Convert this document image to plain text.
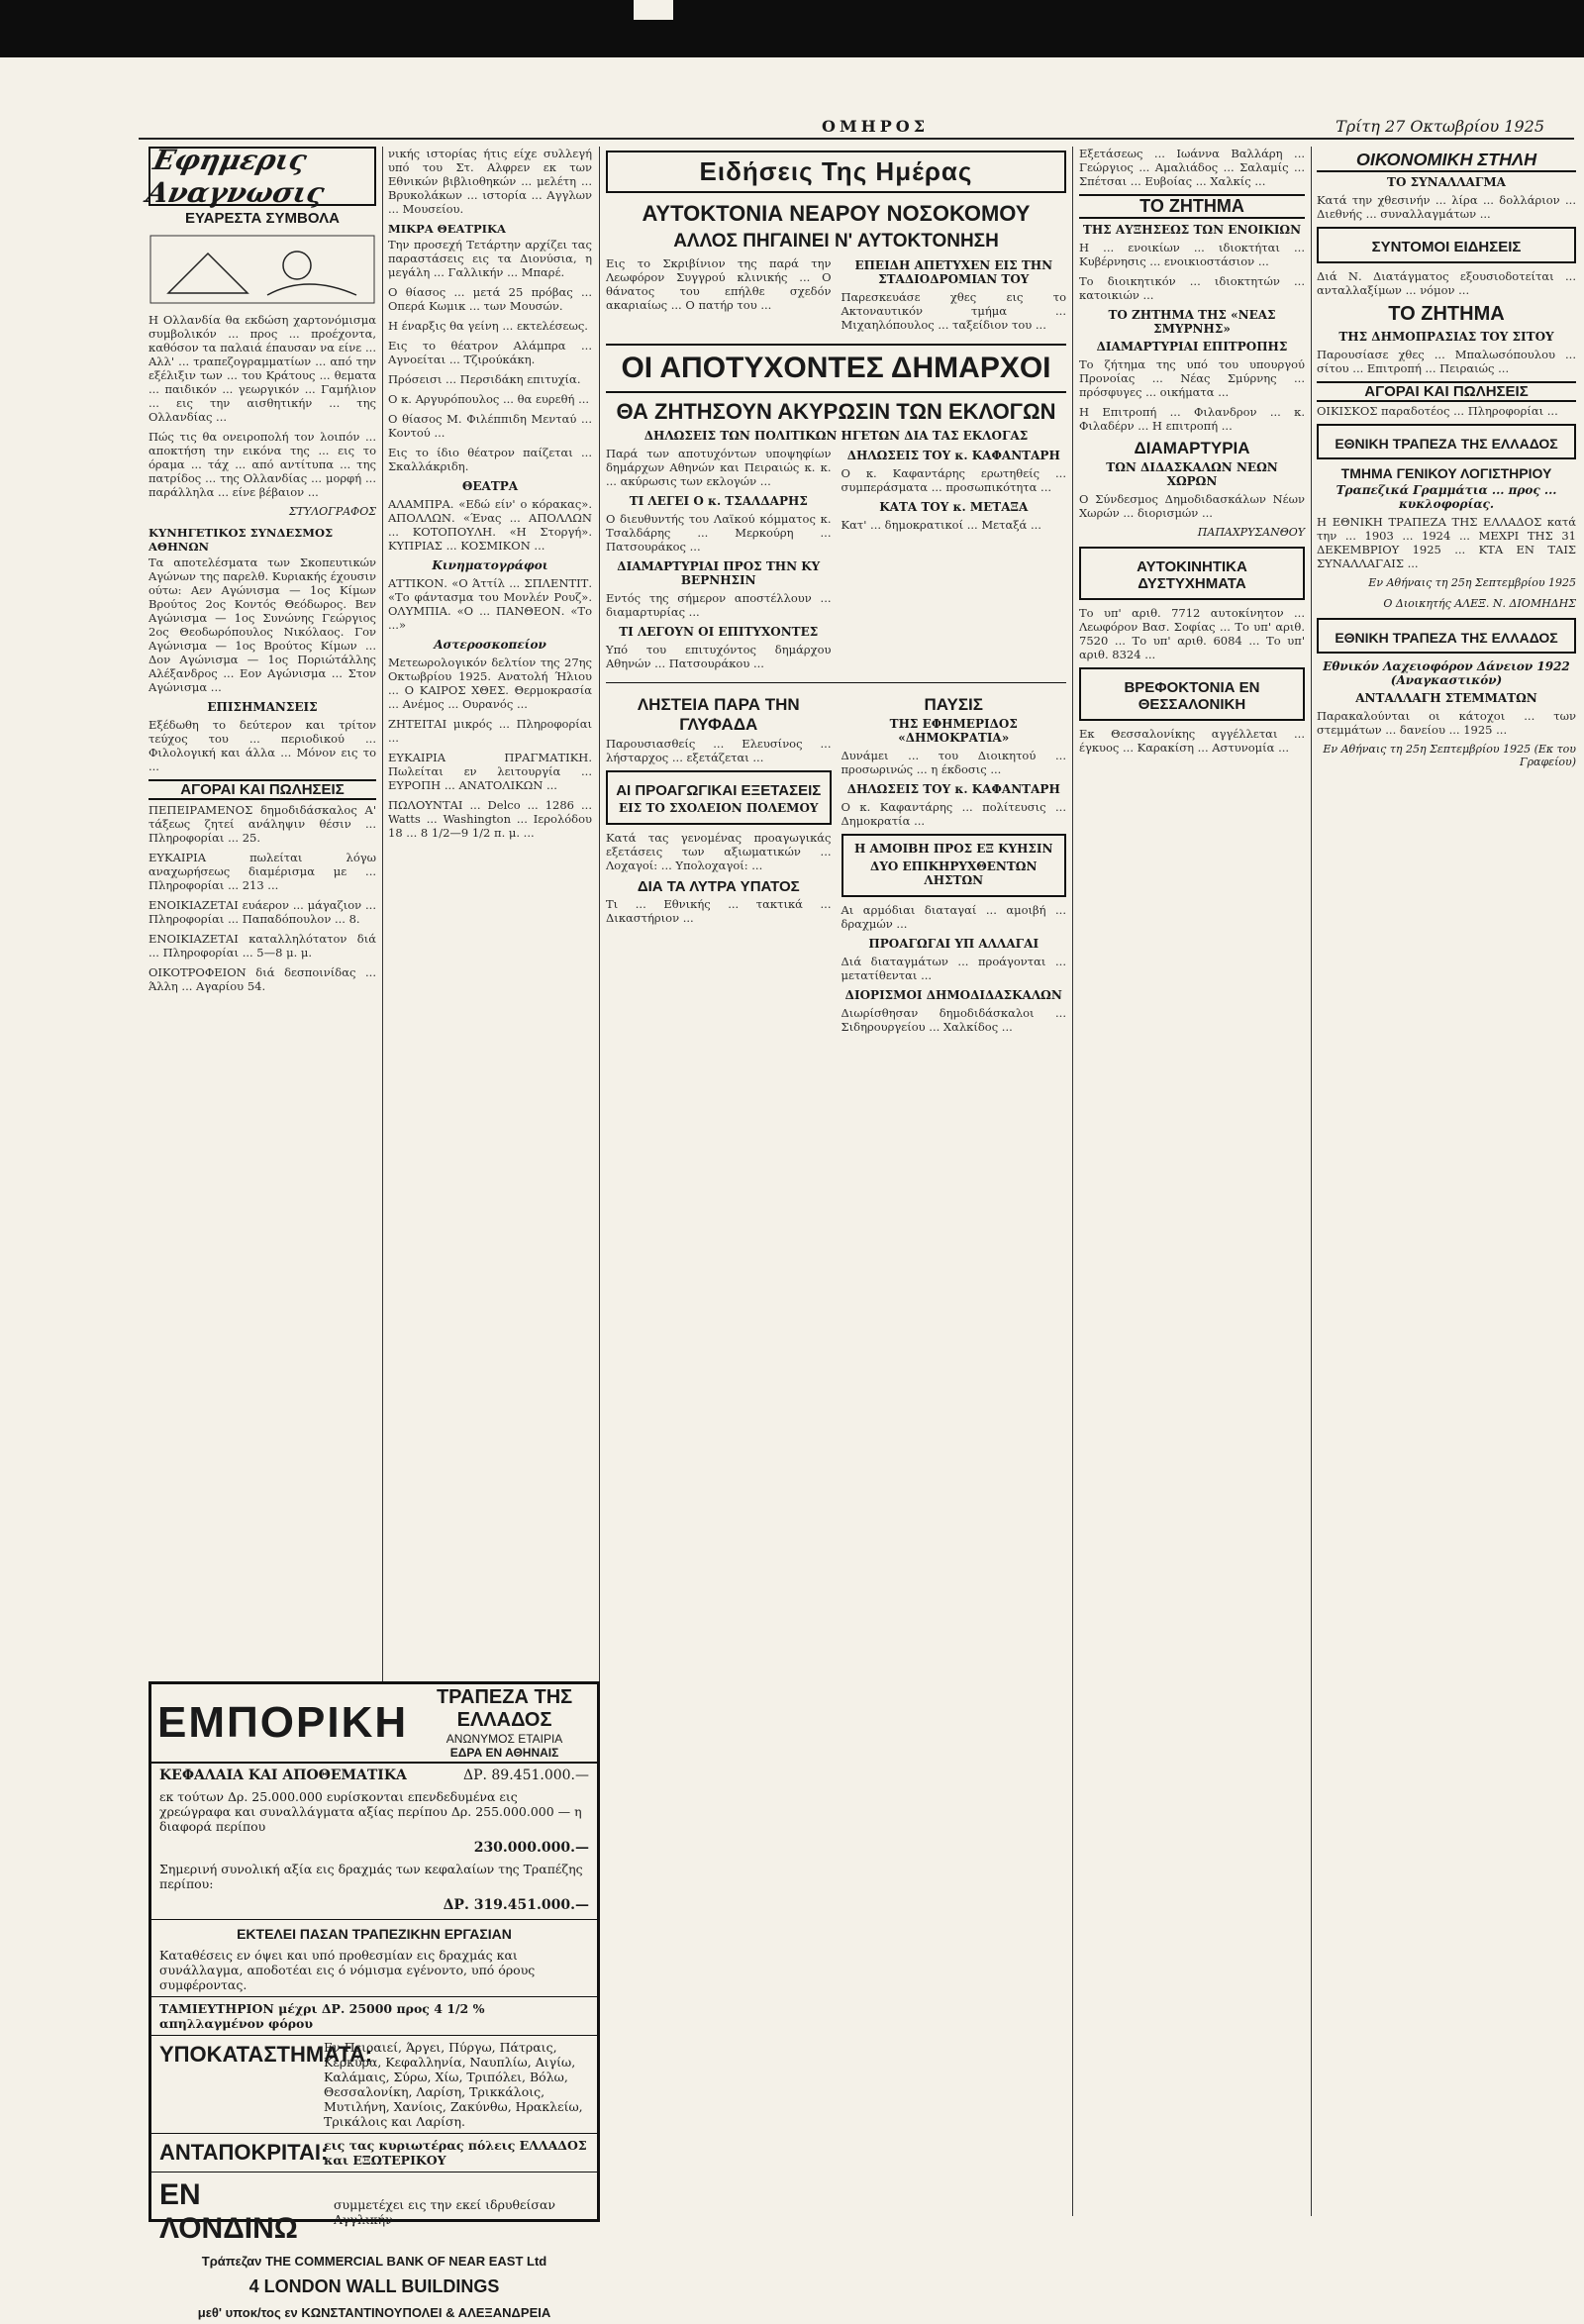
ΟΜΗΡΟΣ	Τρίτη 27 Οκτωβρίου 1925
Εφημερις Αναγνωσις
ΕΥΑΡΕΣΤΑ ΣΥΜΒΟΛΑ

Η Ολλανδία θα εκδώση χαρτονόμισμα συμβολικόν ... προς ... προέχοντα, καθόσον τα παλαιά έπαυσαν να είνε ... Αλλ' ... τραπεζογραμματίων ... από την εξέλιξιν των ... του Κράτους ... θεματα ... παιδικόν ... γεωργικόν ... Γαμήλιον ... εις την αισθητικήν ... της Ολλανδίας ...

Πώς τις θα ονειροπολή τον λοιπόν ... αποκτήση την εικόνα της ... εις το όραμα ... τάχ ... από αντίτυπα ... της πατρίδος ... της Ολλανδίας ... μορφή ... παράλληλα ... είνε βέβαιον ...

ΣΤΥΛΟΓΡΑΦΟΣ
ΚΥΝΗΓΕΤΙΚΟΣ ΣΥΝΔΕΣΜΟΣ ΑΘΗΝΩΝ

Τα αποτελέσματα των Σκοπευτικών Αγώνων της παρελθ. Κυριακής έχουσιν ούτω: Αεν Αγώνισμα — 1ος Κίμων Βρούτος 2ος Κοντός Θεόδωρος. Βεν Αγώνισμα — 1ος Συνώνης Γεώργιος 2ος Θεοδωρόπουλος Νικόλαος. Γον Αγώνισμα — 1ος Βρούτος Κίμων ... Δον Αγώνισμα — 1ος Ποριώτάλλης Αλέξανδρος ... Εον Αγώνισμα ... Στον Αγώνισμα ...

ΕΠΙΣΗΜΑΝΣΕΙΣ

Εξέδωθη το δεύτερον και τρίτον τεύχος του ... περιοδικού ... Φιλολογική και άλλα ... Μόνον εις το ...

ΑΓΟΡΑΙ ΚΑΙ ΠΩΛΗΣΕΙΣ

ΠΕΠΕΙΡΑΜΕΝΟΣ δημοδιδάσκαλος Α' τάξεως ζητεί ανάληψιν θέσιν ... Πληροφορίαι ... 25.

ΕΥΚΑΙΡΙΑ πωλείται λόγω αναχωρήσεως διαμέρισμα με ... Πληροφορίαι ... 213 ...

ΕΝΟΙΚΙΑΖΕΤΑΙ ευάερον ... μάγαζιον ... Πληροφορίαι ... Παπαδόπουλον ... 8.

ΕΝΟΙΚΙΑΖΕΤΑΙ καταλληλότατον διά ... Πληροφορίαι ... 5—8 μ. μ.

ΟΙΚΟΤΡΟΦΕΙΟΝ διά δεσποινίδας ... Άλλη ... Αγαρίου 54.

νικής ιστορίας ήτις είχε συλλεγή υπό του Στ. Αλφρεν εκ των Εθνικών βιβλιοθηκών ... μελέτη ... Βρυκολάκων ... ιστορία ... Αγγλων ... Μουσείου.

ΜΙΚΡΑ ΘΕΑΤΡΙΚΑ

Την προσεχή Τετάρτην αρχίζει τας παραστάσεις εις τα Διονύσια, η μεγάλη ... Γαλλικήν ... Μπαρέ.

Ο θίασος ... μετά 25 πρόβας ... Οπερά Κωμικ ... των Μουσών.

Η έναρξις θα γείνη ... εκτελέσεως.

Εις το θέατρον Αλάμπρα ... Αγνοείται ... Τζιρούκάκη.

Πρόσεισι ... Περσιδάκη επιτυχία.

Ο κ. Αργυρόπουλος ... θα ευρεθή ...

Ο θίασος Μ. Φιλέππιδη Μενταύ ... Κοντού ...

Εις το ίδιο θέατρον παίζεται ... Σκαλλάκριδη.

ΘΕΑΤΡΑ

ΑΛΑΜΠΡΑ. «Εδώ είν' ο κόρακας». ΑΠΟΛΛΩΝ. «Ένας ... ΑΠΟΛΛΩΝ ... ΚΟΤΟΠΟΥΛΗ. «Η Στοργή». ΚΥΠΡΙΑΣ ... ΚΟΣΜΙΚΟΝ ...

Κινηματογράφοι

ΑΤΤΙΚΟΝ. «Ο Άττίλ ... ΣΠΛΕΝΤΙΤ. «Το φάντασμα του Μονλέν Ρουζ». ΟΛΥΜΠΙΑ. «Ο ... ΠΑΝΘΕΟΝ. «Το ...»

Αστεροσκοπείον

Μετεωρολογικόν δελτίον της 27ης Οκτωβρίου 1925. Ανατολή Ήλιου ... Ο ΚΑΙΡΟΣ ΧΘΕΣ. Θερμοκρασία ... Ανέμος ... Ουρανός ...

ΖΗΤΕΙΤΑΙ μικρός ... Πληροφορίαι ...

ΕΥΚΑΙΡΙΑ ΠΡΑΓΜΑΤΙΚΗ. Πωλείται εν λειτουργία ... ΕΥΡΟΠΗ ... ΑΝΑΤΟΛΙΚΩΝ ...

ΠΩΛΟΥΝΤΑΙ ... Delco ... 1286 ... Watts ... Washington ... Ιερολόδου 18 ... 8 1/2—9 1/2 π. μ. ...

Ειδήσεις Της Ημέρας
ΑΥΤΟΚΤΟΝΙΑ ΝΕΑΡΟΥ ΝΟΣΟΚΟΜΟΥ
ΑΛΛΟΣ ΠΗΓΑΙΝΕΙ Ν' ΑΥΤΟΚΤΟΝΗΣΗ

Εις το Σκριβίνιον της παρά την Λεωφόρον Συγγρού κλινικής ... Ο θάνατος του επήλθε σχεδόν ακαριαίως ... Ο πατήρ του ...

ΕΠΕΙΔΗ ΑΠΕΤΥΧΕΝ ΕΙΣ ΤΗΝ ΣΤΑΔΙΟΔΡΟΜΙΑΝ ΤΟΥ

Παρεσκευάσε χθες εις το Ακτοναυτικόν τμήμα ... Μιχαηλόπουλος ... ταξείδιον του ...

ΟΙ ΑΠΟΤΥΧΟΝΤΕΣ ΔΗΜΑΡΧΟΙ
ΘΑ ΖΗΤΗΣΟΥΝ ΑΚΥΡΩΣΙΝ ΤΩΝ ΕΚΛΟΓΩΝ
ΔΗΛΩΣΕΙΣ ΤΩΝ ΠΟΛΙΤΙΚΩΝ ΗΓΕΤΩΝ ΔΙΑ ΤΑΣ ΕΚΛΟΓΑΣ

Παρά των αποτυχόντων υποψηφίων δημάρχων Αθηνών και Πειραιώς κ. κ. ... ακύρωσις των εκλογών ...

ΤΙ ΛΕΓΕΙ Ο κ. ΤΣΑΛΔΑΡΗΣ

Ο διευθυντής του Λαϊκού κόμματος κ. Τσαλδάρης ... Μερκούρη ... Πατσουράκος ...

ΔΙΑΜΑΡΤΥΡΙΑΙ ΠΡΟΣ ΤΗΝ ΚΥ ΒΕΡΝΗΣΙΝ

Εντός της σήμερον αποστέλλουν ... διαμαρτυρίας ...

ΤΙ ΛΕΓΟΥΝ ΟΙ ΕΠΙΤΥΧΟΝΤΕΣ

Υπό του επιτυχόντος δημάρχου Αθηνών ... Πατσουράκου ...

ΔΗΛΩΣΕΙΣ ΤΟΥ κ. ΚΑΦΑΝΤΑΡΗ

Ο κ. Καφαντάρης ερωτηθείς ... συμπεράσματα ... προσωπικότητα ...

ΚΑΤΑ ΤΟΥ κ. ΜΕΤΑΞΑ

Κατ' ... δημοκρατικοί ... Μεταξά ...

ΛΗΣΤΕΙΑ ΠΑΡΑ ΤΗΝ ΓΛΥΦΑΔΑ

Παρουσιασθείς ... Ελευσίνος ... λήσταρχος ... εξετάζεται ...

ΑΙ ΠΡΟΑΓΩΓΙΚΑΙ ΕΞΕΤΑΣΕΙΣ
ΕΙΣ ΤΟ ΣΧΟΛΕΙΟΝ ΠΟΛΕΜΟΥ

Κατά τας γενομένας προαγωγικάς εξετάσεις των αξιωματικών ... Λοχαγοί: ... Υπολοχαγοί: ...

ΔΙΑ ΤΑ ΛΥΤΡΑ ΥΠΑΤΟΣ

Τι ... Εθνικής ... τακτικά ... Δικαστήριον ...

ΠΑΥΣΙΣ
ΤΗΣ ΕΦΗΜΕΡΙΔΟΣ «ΔΗΜΟΚΡΑΤΙΑ»

Δυνάμει ... του Διοικητού ... προσωρινώς ... η έκδοσις ...

ΔΗΛΩΣΕΙΣ ΤΟΥ κ. ΚΑΦΑΝΤΑΡΗ

Ο κ. Καφαντάρης ... πολίτευσις ... Δημοκρατία ...

Η ΑΜΟΙΒΗ ΠΡΟΣ ΕΞ ΚΥΗΣΙΝ
ΔΥΟ ΕΠΙΚΗΡΥΧΘΕΝΤΩΝ ΛΗΣΤΩΝ

Αι αρμόδιαι διαταγαί ... αμοιβή ... δραχμών ...

ΠΡΟΑΓΩΓΑΙ ΥΠ ΑΛΛΑΓΑΙ

Διά διαταγμάτων ... προάγονται ... μετατίθενται ...

ΔΙΟΡΙΣΜΟΙ ΔΗΜΟΔΙΔΑΣΚΑΛΩΝ

Διωρίσθησαν δημοδιδάσκαλοι ... Σιδηρουργείου ... Χαλκίδος ...

Εξετάσεως ... Ιωάννα Βαλλάρη ... Γεώργιος ... Αμαλιάδος ... Σαλαμίς ... Σπέτσαι ... Ευβοίας ... Χαλκίς ...

ΤΟ ΖΗΤΗΜΑ
ΤΗΣ ΑΥΞΗΣΕΩΣ ΤΩΝ ΕΝΟΙΚΙΩΝ

Η ... ενοικίων ... ιδιοκτήται ... Κυβέρνησις ... ενοικιοστάσιον ...

Το διοικητικόν ... ιδιοκτητών ... κατοικιών ...

ΤΟ ΖΗΤΗΜΑ ΤΗΣ «ΝΕΑΣ ΣΜΥΡΝΗΣ»
ΔΙΑΜΑΡΤΥΡΙΑΙ ΕΠΙΤΡΟΠΗΣ

Το ζήτημα της υπό του υπουργού Προνοίας ... Νέας Σμύρνης ... πρόσφυγες ... οικήματα ...

Η Επιτροπή ... Φιλανδρον ... κ. Φιλαδέρν ... Η επιτροπή ...

ΔΙΑΜΑΡΤΥΡΙΑ
ΤΩΝ ΔΙΔΑΣΚΑΛΩΝ ΝΕΩΝ ΧΩΡΩΝ

Ο Σύνδεσμος Δημοδιδασκάλων Νέων Χωρών ... διορισμών ...

ΠΑΠΑΧΡΥΣΑΝΘΟΥ
ΑΥΤΟΚΙΝΗΤΙΚΑ ΔΥΣΤΥΧΗΜΑΤΑ

Το υπ' αριθ. 7712 αυτοκίνητον ... Λεωφόρον Βασ. Σοφίας ... Το υπ' αριθ. 7520 ... Το υπ' αριθ. 6084 ... Το υπ' αριθ. 8324 ...

ΒΡΕΦΟΚΤΟΝΙΑ ΕΝ ΘΕΣΣΑΛΟΝΙΚΗ

Εκ Θεσσαλονίκης αγγέλλεται ... έγκυος ... Καρακίση ... Αστυνομία ...

ΟΙΚΟΝΟΜΙΚΗ ΣΤΗΛΗ
ΤΟ ΣΥΝΑΛΛΑΓΜΑ

Κατά την χθεσινήν ... λίρα ... δολλάριον ... Διεθνής ... συναλλαγμάτων ...

ΣΥΝΤΟΜΟΙ ΕΙΔΗΣΕΙΣ

Διά Ν. Διατάγματος εξουσιοδοτείται ... ανταλλαξίμων ... νόμον ...

ΤΟ ΖΗΤΗΜΑ
ΤΗΣ ΔΗΜΟΠΡΑΣΙΑΣ ΤΟΥ ΣΙΤΟΥ

Παρουσίασε χθες ... Μπαλωσόπουλου ... σίτου ... Επιτροπή ... Πειραιώς ...

ΑΓΟΡΑΙ ΚΑΙ ΠΩΛΗΣΕΙΣ

ΟΙΚΙΣΚΟΣ παραδοτέος ... Πληροφορίαι ...

ΕΘΝΙΚΗ ΤΡΑΠΕΖΑ ΤΗΣ ΕΛΛΑΔΟΣ
ΤΜΗΜΑ ΓΕΝΙΚΟΥ ΛΟΓΙΣΤΗΡΙΟΥ
Τραπεζικά Γραμμάτια ... προς ... κυκλοφορίας.

Η ΕΘΝΙΚΗ ΤΡΑΠΕΖΑ ΤΗΣ ΕΛΛΑΔΟΣ κατά την ... 1903 ... 1924 ... ΜΕΧΡΙ ΤΗΣ 31 ΔΕΚΕΜΒΡΙΟΥ 1925 ... ΚΤΑ ΕΝ ΤΑΙΣ ΣΥΝΑΛΛΑΓΑΙΣ ...

Εν Αθήναις τη 25η Σεπτεμβρίου 1925
Ο Διοικητής ΑΛΕΞ. Ν. ΔΙΟΜΗΔΗΣ
ΕΘΝΙΚΗ ΤΡΑΠΕΖΑ ΤΗΣ ΕΛΛΑΔΟΣ
Εθνικόν Λαχειοφόρον Δάνειον 1922 (Αναγκαστικόν)
ΑΝΤΑΛΛΑΓΗ ΣΤΕΜΜΑΤΩΝ

Παρακαλούνται οι κάτοχοι ... των στεμμάτων ... δανείου ... 1925 ...

Εν Αθήναις τη 25η Σεπτεμβρίου 1925 (Εκ του Γραφείου)
ΕΜΠΟΡΙΚΗ
ΤΡΑΠΕΖΑ ΤΗΣ ΕΛΛΑΔΟΣ
ΑΝΩΝΥΜΟΣ ΕΤΑΙΡΙΑ
ΕΔΡΑ ΕΝ ΑΘΗΝΑΙΣ
ΚΕΦΑΛΑΙΑ ΚΑΙ ΑΠΟΘΕΜΑΤΙΚΑ	ΔΡ. 89.451.000.—
εκ τούτων Δρ. 25.000.000 ευρίσκονται επενδεδυμένα εις χρεώγραφα και συναλλάγματα αξίας περίπου Δρ. 255.000.000 — η διαφορά περίπου
230.000.000.—
Σημερινή συνολική αξία εις δραχμάς των κεφαλαίων της Τραπέζης περίπου:
ΔΡ. 319.451.000.—
ΕΚΤΕΛΕΙ ΠΑΣΑΝ ΤΡΑΠΕΖΙΚΗΝ ΕΡΓΑΣΙΑΝ
Καταθέσεις εν όψει και υπό προθεσμίαν εις δραχμάς και συνάλλαγμα, αποδοτέαι εις ό νόμισμα εγένοντο, υπό όρους συμφέροντας.
ΤΑΜΙΕΥΤΗΡΙΟΝ μέχρι ΔΡ. 25000 προς 4 1/2 % απηλλαγμένον φόρου
ΥΠΟΚΑΤΑΣΤΗΜΑΤΑ:
Εν Πειραιεί, Άργει, Πύργω, Πάτραις, Κερκύρα, Κεφαλληνία, Ναυπλίω, Αιγίω, Καλάμαις, Σύρω, Χίω, Τριπόλει, Βόλω, Θεσσαλονίκη, Λαρίση, Τρικκάλοις, Μυτιλήνη, Χανίοις, Ζακύνθω, Ηρακλείω, Τρικάλοις και Λαρίση.
ΑΝΤΑΠΟΚΡΙΤΑΙ:
εις τας κυριωτέρας πόλεις ΕΛΛΑΔΟΣ και ΕΞΩΤΕΡΙΚΟΥ
ΕΝ ΛΟΝΔΙΝΩ
συμμετέχει εις την εκεί ιδρυθείσαν Αγγλικήν
Τράπεζαν THE COMMERCIAL BANK OF NEAR EAST Ltd
4 LONDON WALL BUILDINGS
μεθ' υποκ/τος εν ΚΩΝΣΤΑΝΤΙΝΟΥΠΟΛΕΙ & ΑΛΕΞΑΝΔΡΕΙΑ
